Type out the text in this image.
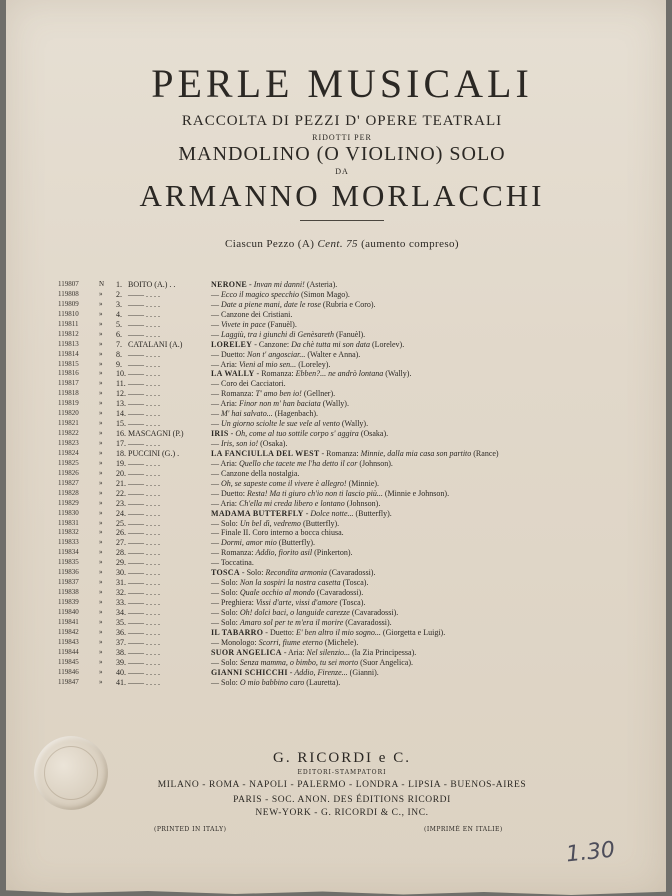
PERLE MUSICALI
RACCOLTA DI PEZZI D' OPERE TEATRALI
RIDOTTI PER
MANDOLINO (O VIOLINO) SOLO
DA
ARMANNO MORLACCHI
Ciascun Pezzo (A) Cent. 75 (aumento compreso)
119807	N	1. BOITO (A.) . .	NERONE - Invan mi danni! (Asteria).
119808	»	2. —— . . . .	— Ecco il magico specchio (Simon Mago).
119809	»	3. —— . . . .	— Date a piene mani, date le rose (Rubria e Coro).
119810	»	4. —— . . . .	— Canzone dei Cristiani.
119811	»	5. —— . . . .	— Vivete in pace (Fanuèl).
119812	»	6. —— . . . .	— Laggiù, tra i giunchi di Genèsareth (Fanuèl).
119813	»	7. CATALANI (A.)	LORELEY - Canzone: Da chè tutta mi son data (Lorelev).
119814	»	8. —— . . . .	— Duetto: Non t' angosciar... (Walter e Anna).
119815	»	9. —— . . . .	— Aria: Vieni al mio sen... (Loreley).
119816	»	10. —— . . . .	LA WALLY - Romanza: Ebben?... ne andrò lontana (Wally).
119817	»	11. —— . . . .	— Coro dei Cacciatori.
119818	»	12. —— . . . .	— Romanza: T' amo ben io! (Gellner).
119819	»	13. —— . . . .	— Aria: Finor non m' han baciata (Wally).
119820	»	14. —— . . . .	— M' hai salvato... (Hagenbach).
119821	»	15. —— . . . .	— Un giorno sciolte le sue vele al vento (Wally).
119822	»	16. MASCAGNI (P.)	IRIS - Oh, come al tuo sottile corpo s' aggira (Osaka).
119823	»	17. —— . . . .	— Iris, son io! (Osaka).
119824	»	18. PUCCINI (G.) .	LA FANCIULLA DEL WEST - Romanza: Minnie, dalla mia casa son partito (Rance)
119825	»	19. —— . . . .	— Aria: Quello che tacete me l'ha detto il cor (Johnson).
119826	»	20. —— . . . .	— Canzone della nostalgia.
119827	»	21. —— . . . .	— Oh, se sapeste come il vivere è allegro! (Minnie).
119828	»	22. —— . . . .	— Duetto: Resta! Ma ti giuro ch'io non ti lascio più... (Minnie e Johnson).
119829	»	23. —— . . . .	— Aria: Ch'ella mi creda libero e lontano (Johnson).
119830	»	24. —— . . . .	MADAMA BUTTERFLY - Dolce notte... (Butterfly).
119831	»	25. —— . . . .	— Solo: Un bel dì, vedremo (Butterfly).
119832	»	26. —— . . . .	— Finale II. Coro interno a bocca chiusa.
119833	»	27. —— . . . .	— Dormi, amor mio (Butterfly).
119834	»	28. —— . . . .	— Romanza: Addio, fiorito asil (Pinkerton).
119835	»	29. —— . . . .	— Toccatina.
119836	»	30. —— . . . .	TOSCA - Solo: Recondita armonia (Cavaradossi).
119837	»	31. —— . . . .	— Solo: Non la sospiri la nostra casetta (Tosca).
119838	»	32. —— . . . .	— Solo: Quale occhio al mondo (Cavaradossi).
119839	»	33. —— . . . .	— Preghiera: Vissi d'arte, vissi d'amore (Tosca).
119840	»	34. —— . . . .	— Solo: Oh! dolci baci, o languide carezze (Cavaradossi).
119841	»	35. —— . . . .	— Solo: Amaro sol per te m'era il morire (Cavaradossi).
119842	»	36. —— . . . .	IL TABARRO - Duetto: E' ben altro il mio sogno... (Giorgetta e Luigi).
119843	»	37. —— . . . .	— Monologo: Scorri, fiume eterno (Michele).
119844	»	38. —— . . . .	SUOR ANGELICA - Aria: Nel silenzio... (la Zia Principessa).
119845	»	39. —— . . . .	— Solo: Senza mamma, o bimbo, tu sei morto (Suor Angelica).
119846	»	40. —— . . . .	GIANNI SCHICCHI - Addio, Firenze... (Gianni).
119847	»	41. —— . . . .	— Solo: O mio babbino caro (Lauretta).
G. RICORDI e C.
EDITORI-STAMPATORI
MILANO - ROMA - NAPOLI - PALERMO - LONDRA - LIPSIA - BUENOS-AIRES
PARIS - SOC. ANON. DES ÉDITIONS RICORDI
NEW-YORK - G. RICORDI & C., INC.
(PRINTED IN ITALY)	(IMPRIMÉ EN ITALIE)
1.30
